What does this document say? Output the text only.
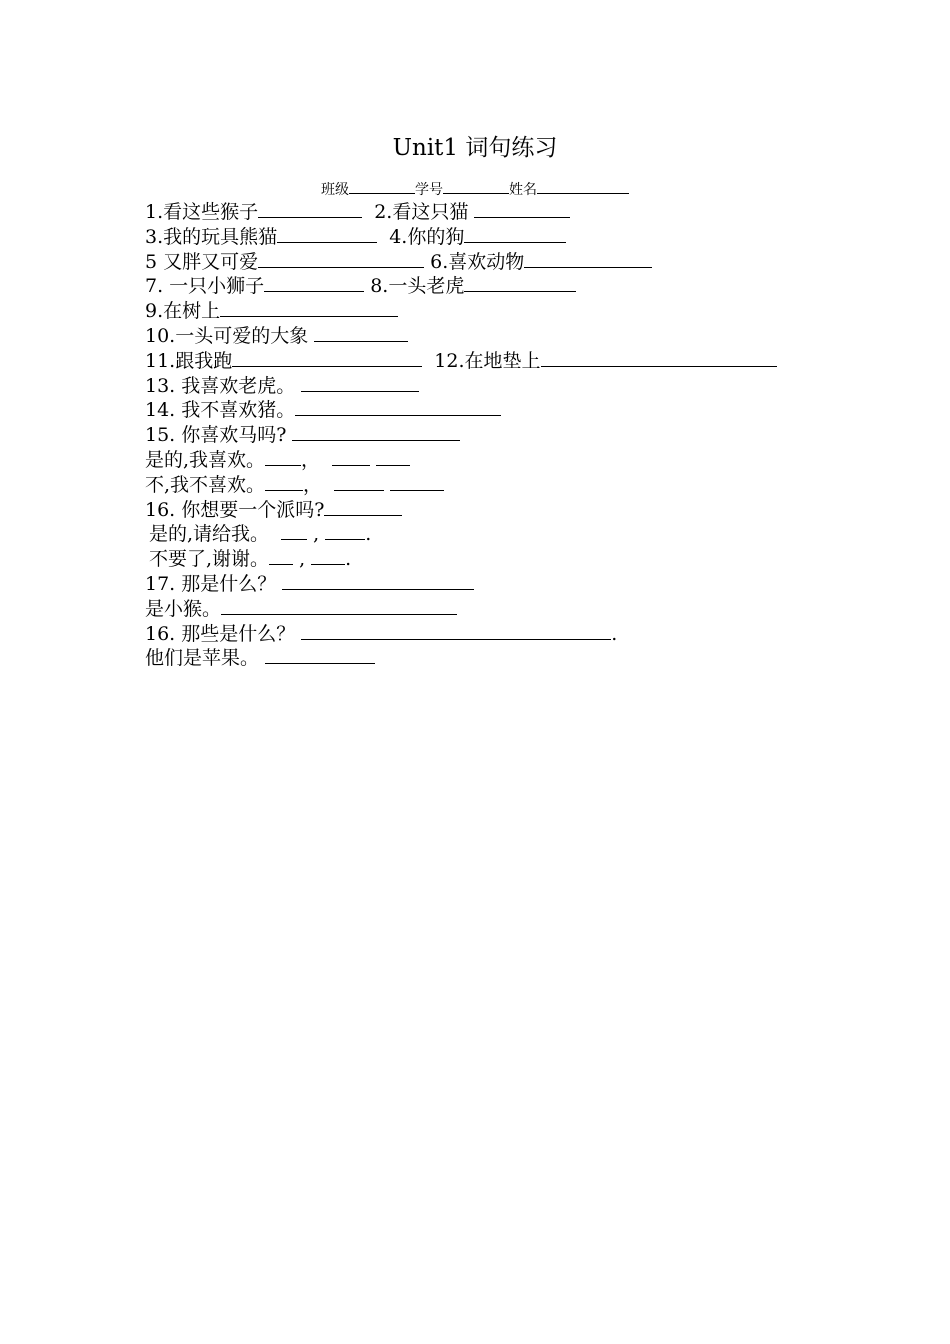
Unit1 词句练习
班级	学号	姓名
1.看这些猴子	2.看这只猫
3.我的玩具熊猫	4.你的狗
5 又胖又可爱	6.喜欢动物
7. 一只小狮子	8.一头老虎
9.在树上
10.一头可爱的大象
11.跟我跑	12.在地垫上
13. 我喜欢老虎。
14. 我不喜欢猪。
15. 你喜欢马吗?
是的,我喜欢。 ，
不,我不喜欢。 ，
16. 你想要一个派吗?
是的,请给我。   , .
不要了,谢谢。 , .
17. 那是什么？
是小猴。
16. 那些是什么？	.
他们是苹果。
